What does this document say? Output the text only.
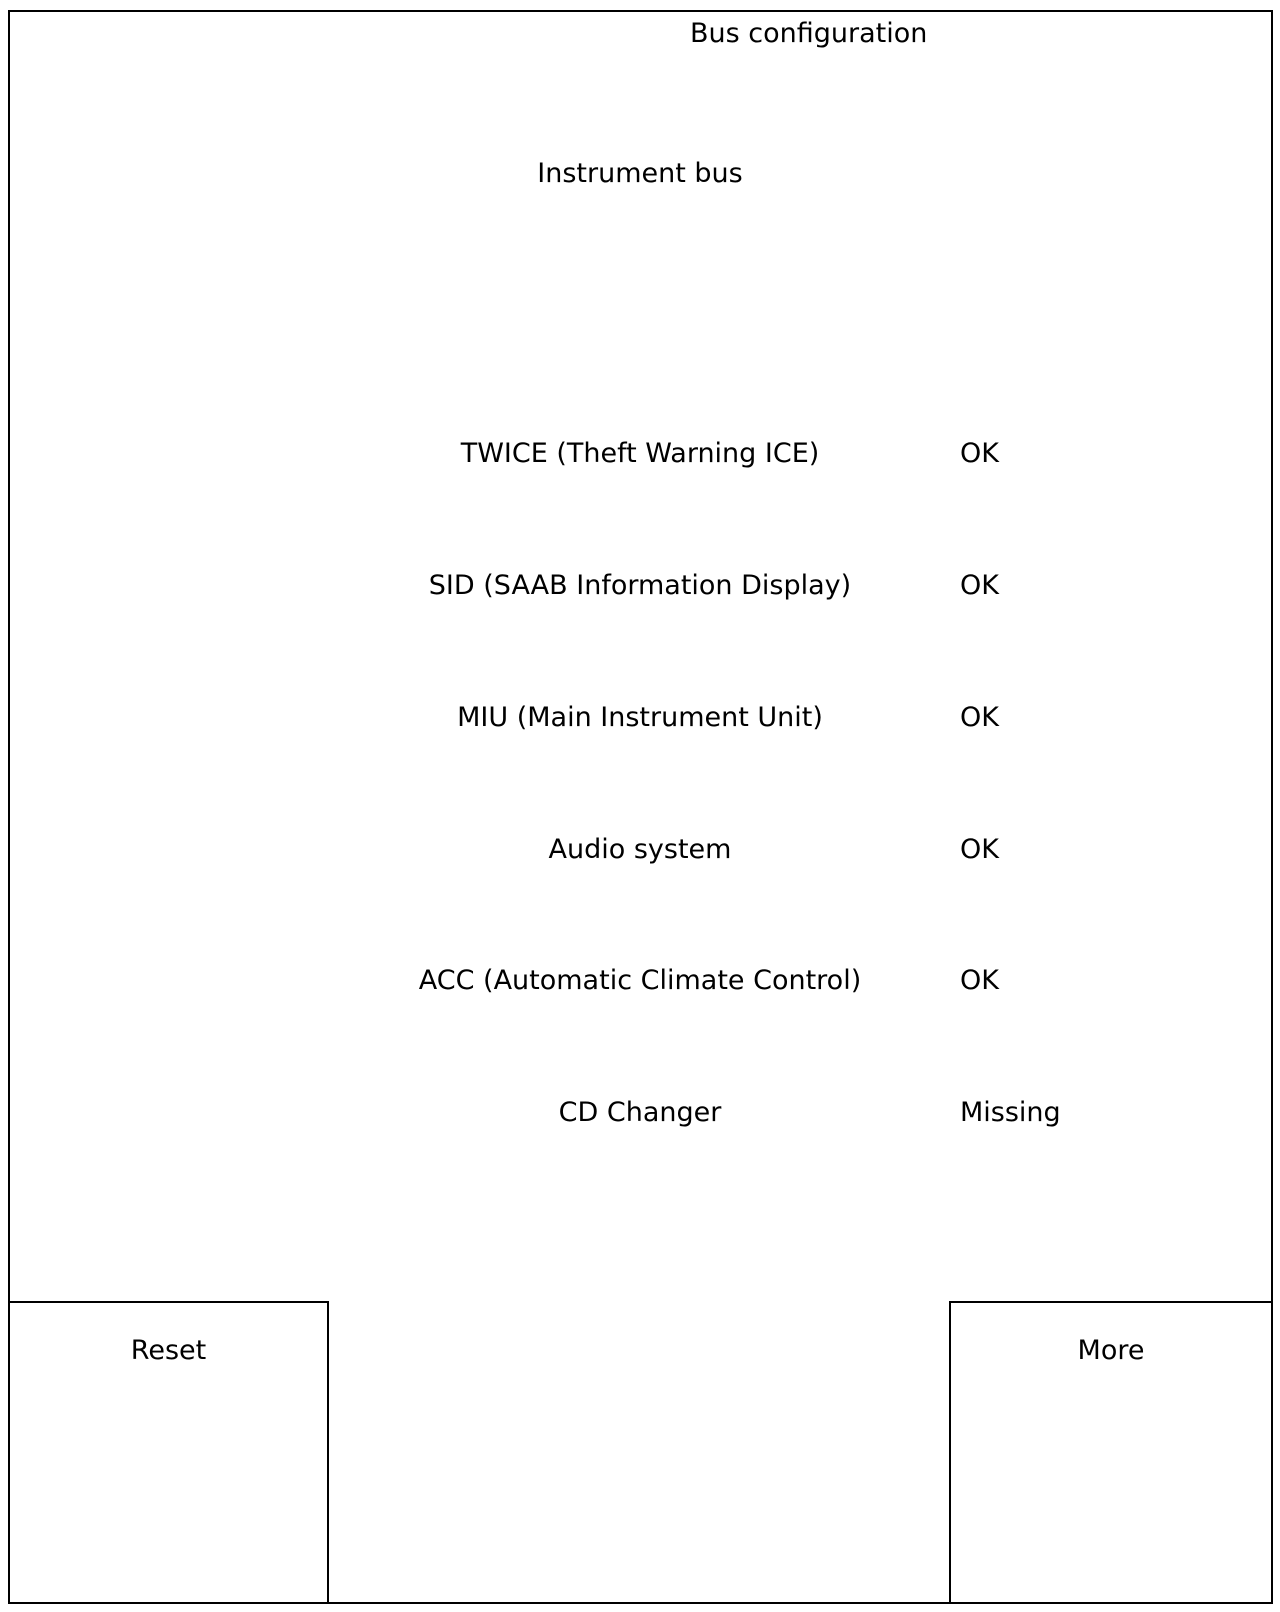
Bus configuration
Instrument bus
TWICE (Theft Warning ICE)	OK
SID (SAAB Information Display)	OK
MIU (Main Instrument Unit)	OK
Audio system	OK
ACC (Automatic Climate Control)	OK
CD Changer	Missing
Reset	More
